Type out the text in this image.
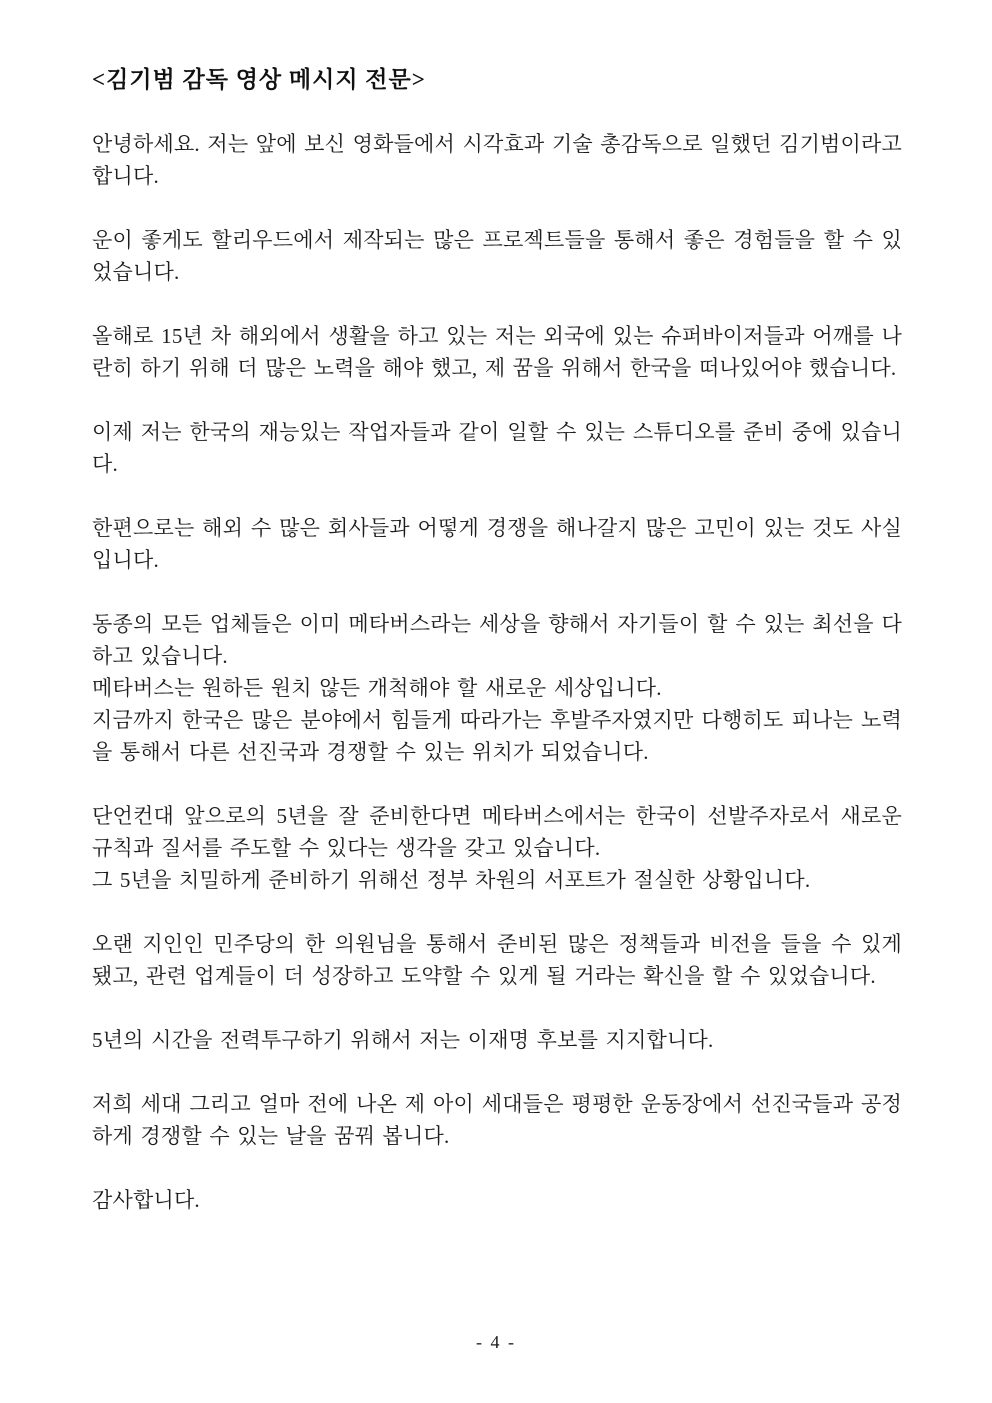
<김기범 감독 영상 메시지 전문>

안녕하세요. 저는 앞에 보신 영화들에서 시각효과 기술 총감독으로 일했던 김기범이라고 합니다.

운이 좋게도 할리우드에서 제작되는 많은 프로젝트들을 통해서 좋은 경험들을 할 수 있었습니다.

올해로 15년 차 해외에서 생활을 하고 있는 저는 외국에 있는 슈퍼바이저들과 어깨를 나란히 하기 위해 더 많은 노력을 해야 했고, 제 꿈을 위해서 한국을 떠나있어야 했습니다.

이제 저는 한국의 재능있는 작업자들과 같이 일할 수 있는 스튜디오를 준비 중에 있습니다.

한편으로는 해외 수 많은 회사들과 어떻게 경쟁을 해나갈지 많은 고민이 있는 것도 사실입니다.

동종의 모든 업체들은 이미 메타버스라는 세상을 향해서 자기들이 할 수 있는 최선을 다하고 있습니다.

메타버스는 원하든 원치 않든 개척해야 할 새로운 세상입니다.

지금까지 한국은 많은 분야에서 힘들게 따라가는 후발주자였지만 다행히도 피나는 노력을 통해서 다른 선진국과 경쟁할 수 있는 위치가 되었습니다.

단언컨대 앞으로의 5년을 잘 준비한다면 메타버스에서는 한국이 선발주자로서 새로운 규칙과 질서를 주도할 수 있다는 생각을 갖고 있습니다.

그 5년을 치밀하게 준비하기 위해선 정부 차원의 서포트가 절실한 상황입니다.

오랜 지인인 민주당의 한 의원님을 통해서 준비된 많은 정책들과 비전을 들을 수 있게 됐고, 관련 업계들이 더 성장하고 도약할 수 있게 될 거라는 확신을 할 수 있었습니다.

5년의 시간을 전력투구하기 위해서 저는 이재명 후보를 지지합니다.

저희 세대 그리고 얼마 전에 나온 제 아이 세대들은 평평한 운동장에서 선진국들과 공정하게 경쟁할 수 있는 날을 꿈꿔 봅니다.

감사합니다.

- 4 -
